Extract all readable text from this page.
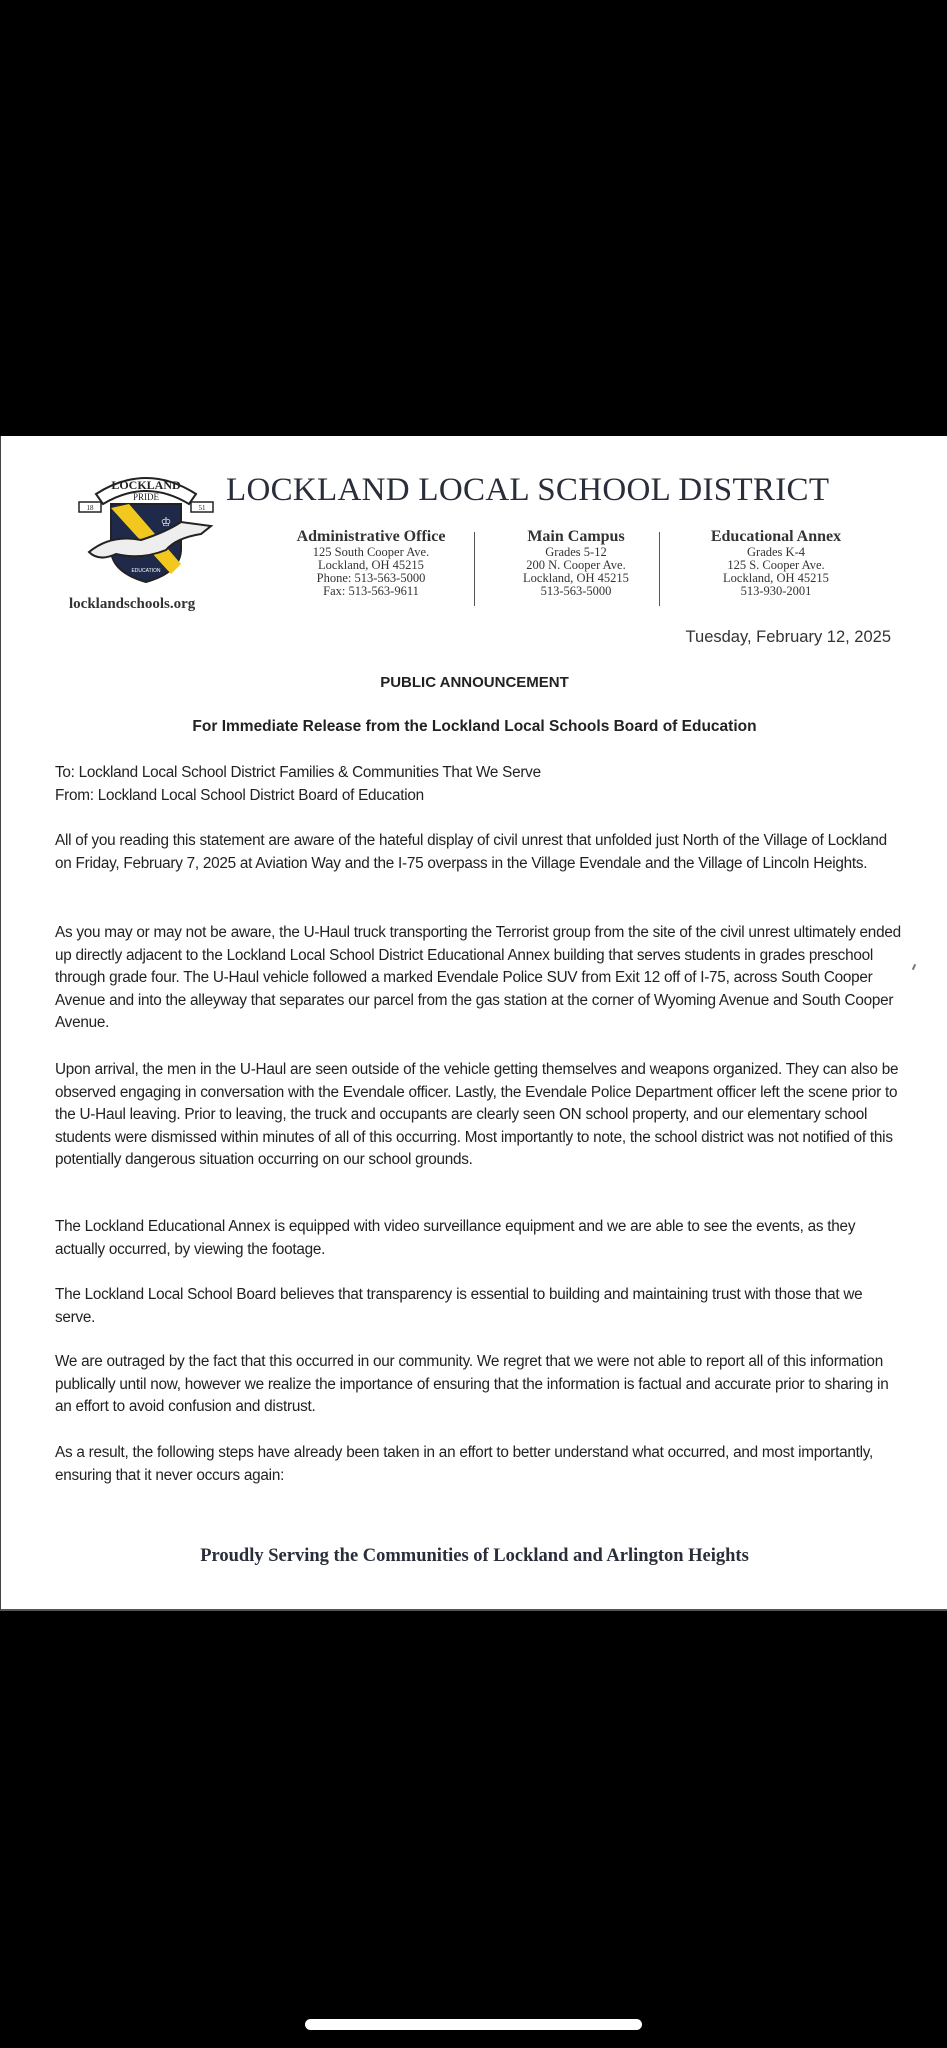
LOCKLAND
PRIDE
18	51
♔
EDUCATION
locklandschools.org
LOCKLAND LOCAL SCHOOL DISTRICT
Administrative Office
125 South Cooper Ave.
Lockland, OH 45215
Phone: 513-563-5000
Fax: 513-563-9611
Main Campus
Grades 5-12
200 N. Cooper Ave.
Lockland, OH 45215
513-563-5000
Educational Annex
Grades K-4
125 S. Cooper Ave.
Lockland, OH 45215
513-930-2001
Tuesday, February 12, 2025
PUBLIC ANNOUNCEMENT
For Immediate Release from the Lockland Local Schools Board of Education

To: Lockland Local School District Families & Communities That We Serve

From: Lockland Local School District Board of Education

All of you reading this statement are aware of the hateful display of civil unrest that unfolded just North of the Village of Lockland on Friday, February 7, 2025 at Aviation Way and the I-75 overpass in the Village Evendale and the Village of Lincoln Heights.

As you may or may not be aware, the U-Haul truck transporting the Terrorist group from the site of the civil unrest ultimately ended up directly adjacent to the Lockland Local School District Educational Annex building that serves students in grades preschool through grade four. The U-Haul vehicle followed a marked Evendale Police SUV from Exit 12 off of I-75, across South Cooper Avenue and into the alleyway that separates our parcel from the gas station at the corner of Wyoming Avenue and South Cooper Avenue.

Upon arrival, the men in the U-Haul are seen outside of the vehicle getting themselves and weapons organized. They can also be observed engaging in conversation with the Evendale officer. Lastly, the Evendale Police Department officer left the scene prior to the U-Haul leaving. Prior to leaving, the truck and occupants are clearly seen ON school property, and our elementary school students were dismissed within minutes of all of this occurring. Most importantly to note, the school district was not notified of this potentially dangerous situation occurring on our school grounds.

The Lockland Educational Annex is equipped with video surveillance equipment and we are able to see the events, as they actually occurred, by viewing the footage.

The Lockland Local School Board believes that transparency is essential to building and maintaining trust with those that we serve.

We are outraged by the fact that this occurred in our community. We regret that we were not able to report all of this information publically until now, however we realize the importance of ensuring that the information is factual and accurate prior to sharing in an effort to avoid confusion and distrust.

As a result, the following steps have already been taken in an effort to better understand what occurred, and most importantly, ensuring that it never occurs again:

Proudly Serving the Communities of Lockland and Arlington Heights
